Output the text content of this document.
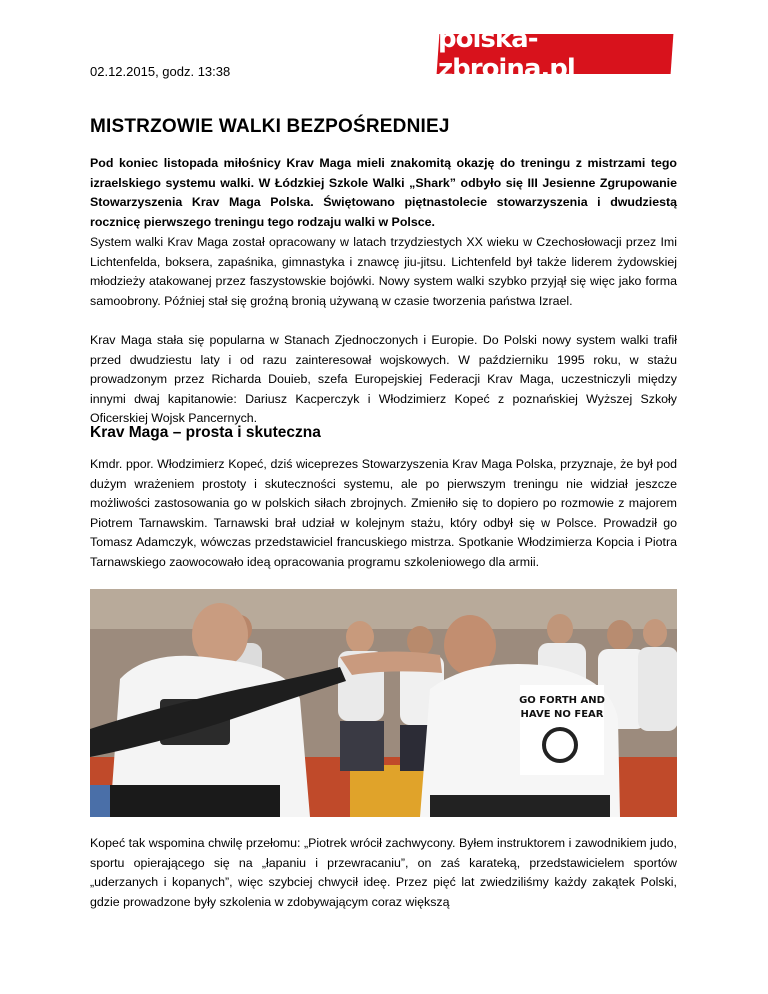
02.12.2015, godz. 13:38
polska-zbrojna.pl
MISTRZOWIE WALKI BEZPOŚREDNIEJ

Pod koniec listopada miłośnicy Krav Maga mieli znakomitą okazję do treningu z mistrzami tego izraelskiego systemu walki. W Łódzkiej Szkole Walki „Shark” odbyło się III Jesienne Zgrupowanie Stowarzyszenia Krav Maga Polska. Świętowano piętnastolecie stowarzyszenia i dwudziestą rocznicę pierwszego treningu tego rodzaju walki w Polsce.

System walki Krav Maga został opracowany w latach trzydziestych XX wieku w Czechosłowacji przez Imi Lichtenfelda, boksera, zapaśnika, gimnastyka i znawcę jiu-jitsu. Lichtenfeld był także liderem żydowskiej młodzieży atakowanej przez faszystowskie bojówki. Nowy system walki szybko przyjął się więc jako forma samoobrony. Później stał się groźną bronią używaną w czasie tworzenia państwa Izrael.

Krav Maga stała się popularna w Stanach Zjednoczonych i Europie. Do Polski nowy system walki trafił przed dwudziestu laty i od razu zainteresował wojskowych. W październiku 1995 roku, w stażu prowadzonym przez Richarda Douieb, szefa Europejskiej Federacji Krav Maga, uczestniczyli między innymi dwaj kapitanowie: Dariusz Kacperczyk i Włodzimierz Kopeć z poznańskiej Wyższej Szkoły Oficerskiej Wojsk Pancernych.

Krav Maga – prosta i skuteczna

Kmdr. ppor. Włodzimierz Kopeć, dziś wiceprezes Stowarzyszenia Krav Maga Polska, przyznaje, że był pod dużym wrażeniem prostoty i skuteczności systemu, ale po pierwszym treningu nie widział jeszcze możliwości zastosowania go w polskich siłach zbrojnych. Zmieniło się to dopiero po rozmowie z majorem Piotrem Tarnawskim. Tarnawski brał udział w kolejnym stażu, który odbył się w Polsce. Prowadził go Tomasz Adamczyk, wówczas przedstawiciel francuskiego mistrza. Spotkanie Włodzimierza Kopcia i Piotra Tarnawskiego zaowocowało ideą opracowania programu szkoleniowego dla armii.

GO FORTH AND
HAVE NO FEAR

Kopeć tak wspomina chwilę przełomu: „Piotrek wrócił zachwycony. Byłem instruktorem i zawodnikiem judo, sportu opierającego się na „łapaniu i przewracaniu”, on zaś karateką, przedstawicielem sportów „uderzanych i kopanych”, więc szybciej chwycił ideę. Przez pięć lat zwiedziliśmy każdy zakątek Polski, gdzie prowadzone były szkolenia w zdobywającym coraz większą
